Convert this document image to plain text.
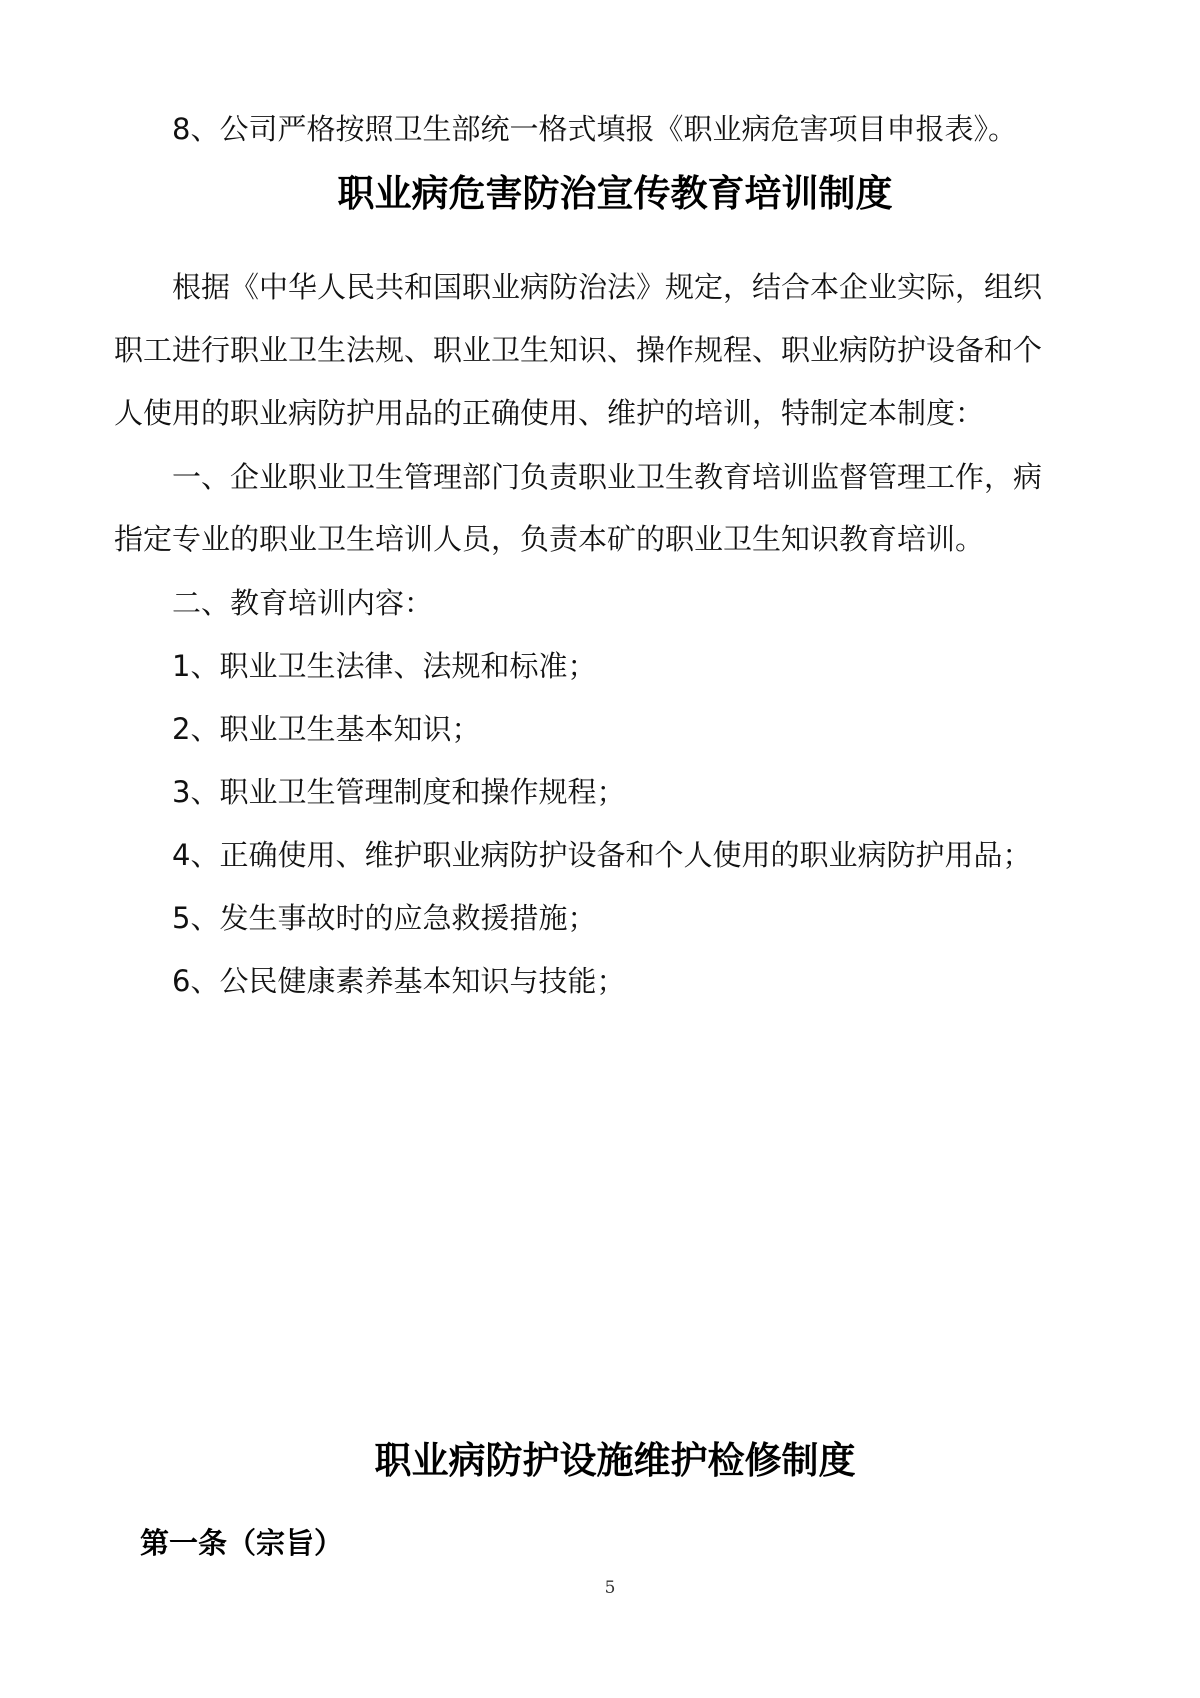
8、公司严格按照卫生部统一格式填报《职业病危害项目申报表》。
职业病危害防治宣传教育培训制度
根据《中华人民共和国职业病防治法》规定，结合本企业实际，组织
职工进行职业卫生法规、职业卫生知识、操作规程、职业病防护设备和个
人使用的职业病防护用品的正确使用、维护的培训，特制定本制度：
一、企业职业卫生管理部门负责职业卫生教育培训监督管理工作，病
指定专业的职业卫生培训人员，负责本矿的职业卫生知识教育培训。
二、教育培训内容：
1、职业卫生法律、法规和标准；
2、职业卫生基本知识；
3、职业卫生管理制度和操作规程；
4、正确使用、维护职业病防护设备和个人使用的职业病防护用品；
5、发生事故时的应急救援措施；
6、公民健康素养基本知识与技能；
职业病防护设施维护检修制度
第一条（宗旨）
5
